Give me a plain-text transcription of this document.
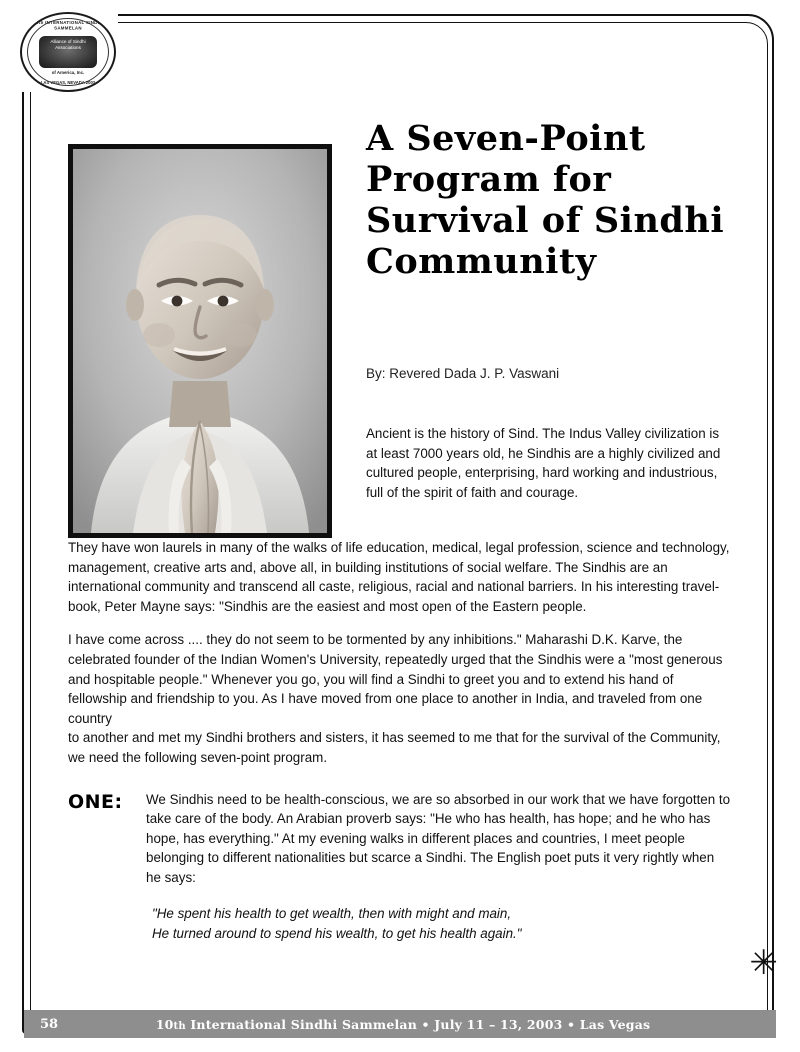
10th INTERNATIONAL SINDHI SAMMELAN
Alliance of Sindhi Associations
of America, Inc.
LAS VEGAS, NEVADA 2003
A Seven-Point Program for Survival of Sindhi Community
By: Revered Dada J. P. Vaswani
Ancient is the history of Sind. The Indus Valley civilization is at least 7000 years old, he Sindhis are a highly civilized and cultured people, enterprising, hard working and industrious, full of the spirit of faith and courage.

They have won laurels in many of the walks of life education, medical, legal profession, science and technology, management, creative arts and, above all, in building institutions of social welfare. The Sindhis are an international community and transcend all caste, religious, racial and national barriers. In his interesting travel-book, Peter Mayne says: "Sindhis are the easiest and most open of the Eastern people.

I have come across .... they do not seem to be tormented by any inhibitions." Maharashi D.K. Karve, the celebrated founder of the Indian Women's University, repeatedly urged that the Sindhis were a "most generous and hospitable people." Whenever you go, you will find a Sindhi to greet you and to extend his hand of fellowship and friendship to you. As I have moved from one place to another in India, and traveled from one country

to another and met my Sindhi brothers and sisters, it has seemed to me that for the survival of the Community, we need the following seven-point program.

ONE:	We Sindhis need to be health-conscious, we are so absorbed in our work that we have forgotten to take care of the body. An Arabian proverb says: "He who has health, has hope; and he who has hope, has everything." At my evening walks in different places and countries, I meet people belonging to different nationalities but scarce a Sindhi. The English poet puts it very rightly when he says:
"He spent his health to get wealth, then with might and main,
He turned around to spend his wealth, to get his health again."
✳
58	10th International Sindhi Sammelan • July 11 – 13, 2003 • Las Vegas
